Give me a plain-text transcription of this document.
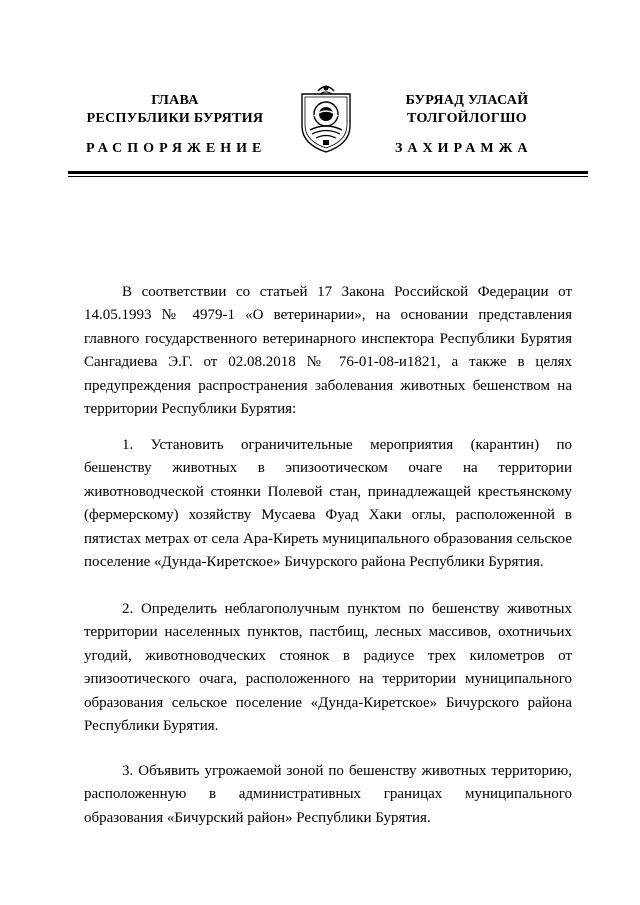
ГЛАВА
РЕСПУБЛИКИ БУРЯТИЯ
БУРЯАД УЛАСАЙ
ТОЛГОЙЛОГШО
РАСПОРЯЖЕНИЕ	ЗАХИРАМЖА

В соответствии со статьей 17 Закона Российской Федерации от 14.05.1993 № 4979-1 «О ветеринарии», на основании представления главного государственного ветеринарного инспектора Республики Бурятия Сангадиева Э.Г. от 02.08.2018 № 76-01-08-и1821, а также в целях предупреждения распространения заболевания животных бешенством на территории Республики Бурятия:

1. Установить ограничительные мероприятия (карантин) по бешенству животных в эпизоотическом очаге на территории животноводческой стоянки Полевой стан, принадлежащей крестьянскому (фермерскому) хозяйству Мусаева Фуад Хаки оглы, расположенной в пятистах метрах от села Ара-Киреть муниципального образования сельское поселение «Дунда-Киретское» Бичурского района Республики Бурятия.

2. Определить неблагополучным пунктом по бешенству животных территории населенных пунктов, пастбищ, лесных массивов, охотничьих угодий, животноводческих стоянок в радиусе трех километров от эпизоотического очага, расположенного на территории муниципального образования сельское поселение «Дунда-Киретское» Бичурского района Республики Бурятия.

3. Объявить угрожаемой зоной по бешенству животных территорию, расположенную в административных границах муниципального образования «Бичурский район» Республики Бурятия.
